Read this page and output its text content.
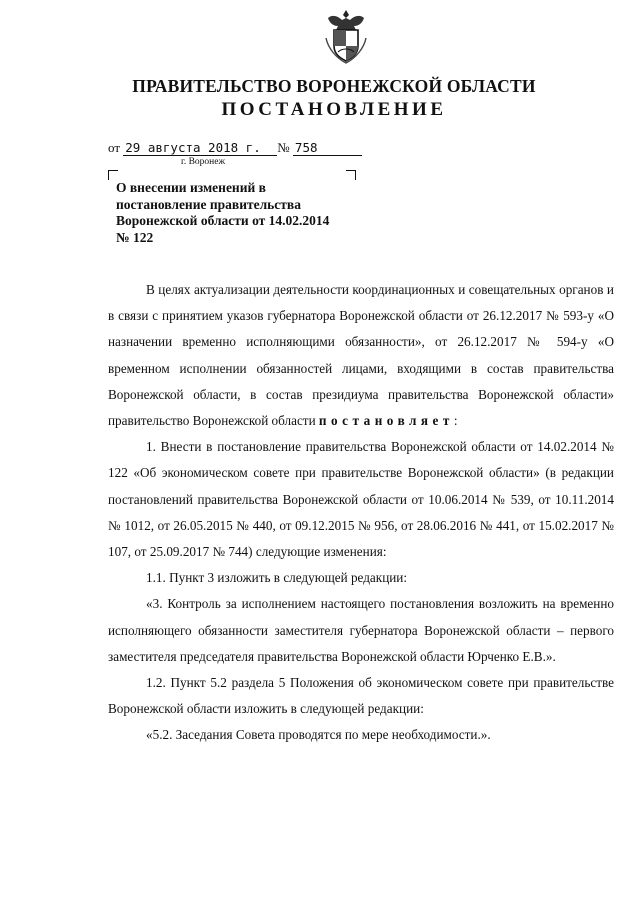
ПРАВИТЕЛЬСТВО ВОРОНЕЖСКОЙ ОБЛАСТИ
ПОСТАНОВЛЕНИЕ
от 29 августа 2018 г. № 758
г. Воронеж
О внесении изменений в
постановление правительства
Воронежской области от 14.02.2014
№ 122

В целях актуализации деятельности координационных и совещательных органов и в связи с принятием указов губернатора Воронежской области от 26.12.2017 № 593-у «О назначении временно исполняющими обязанности», от 26.12.2017 № 594-у «О временном исполнении обязанностей лицами, входящими в состав правительства Воронежской области, в состав президиума правительства Воронежской области» правительство Воронежской области постановляет:

1. Внести в постановление правительства Воронежской области от 14.02.2014 № 122 «Об экономическом совете при правительстве Воронежской области» (в редакции постановлений правительства Воронежской области от 10.06.2014 № 539, от 10.11.2014 № 1012, от 26.05.2015 № 440, от 09.12.2015 № 956, от 28.06.2016 № 441, от 15.02.2017 № 107, от 25.09.2017 № 744) следующие изменения:

1.1. Пункт 3 изложить в следующей редакции:

«3. Контроль за исполнением настоящего постановления возложить на временно исполняющего обязанности заместителя губернатора Воронежской области – первого заместителя председателя правительства Воронежской области Юрченко Е.В.».

1.2. Пункт 5.2 раздела 5 Положения об экономическом совете при правительстве Воронежской области изложить в следующей редакции:

«5.2. Заседания Совета проводятся по мере необходимости.».
